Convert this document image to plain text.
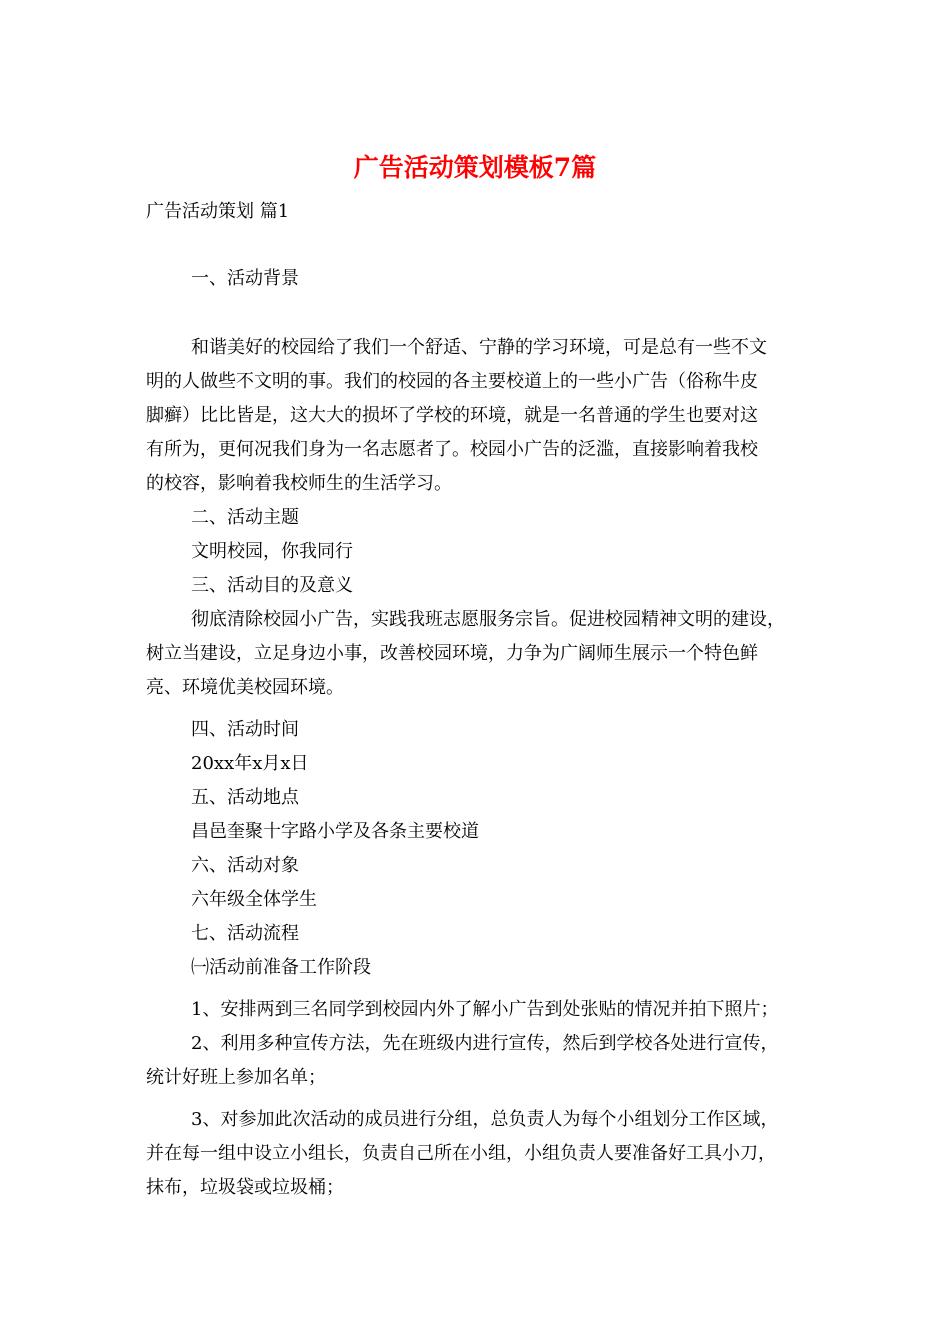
广告活动策划模板7篇

广告活动策划 篇1

一、活动背景

和谐美好的校园给了我们一个舒适、宁静的学习环境，可是总有一些不文

明的人做些不文明的事。我们的校园的各主要校道上的一些小广告（俗称牛皮

脚癣）比比皆是，这大大的损坏了学校的环境，就是一名普通的学生也要对这

有所为，更何况我们身为一名志愿者了。校园小广告的泛滥，直接影响着我校

的校容，影响着我校师生的生活学习。

二、活动主题

文明校园，你我同行

三、活动目的及意义

彻底清除校园小广告，实践我班志愿服务宗旨。促进校园精神文明的建设，

树立当建设，立足身边小事，改善校园环境，力争为广阔师生展示一个特色鲜

亮、环境优美校园环境。

四、活动时间

20xx年x月x日

五、活动地点

昌邑奎聚十字路小学及各条主要校道

六、活动对象

六年级全体学生

七、活动流程

㈠活动前准备工作阶段

1、安排两到三名同学到校园内外了解小广告到处张贴的情况并拍下照片；

2、利用多种宣传方法，先在班级内进行宣传，然后到学校各处进行宣传，

统计好班上参加名单；

3、对参加此次活动的成员进行分组，总负责人为每个小组划分工作区域，

并在每一组中设立小组长，负责自己所在小组，小组负责人要准备好工具小刀，

抹布，垃圾袋或垃圾桶；
